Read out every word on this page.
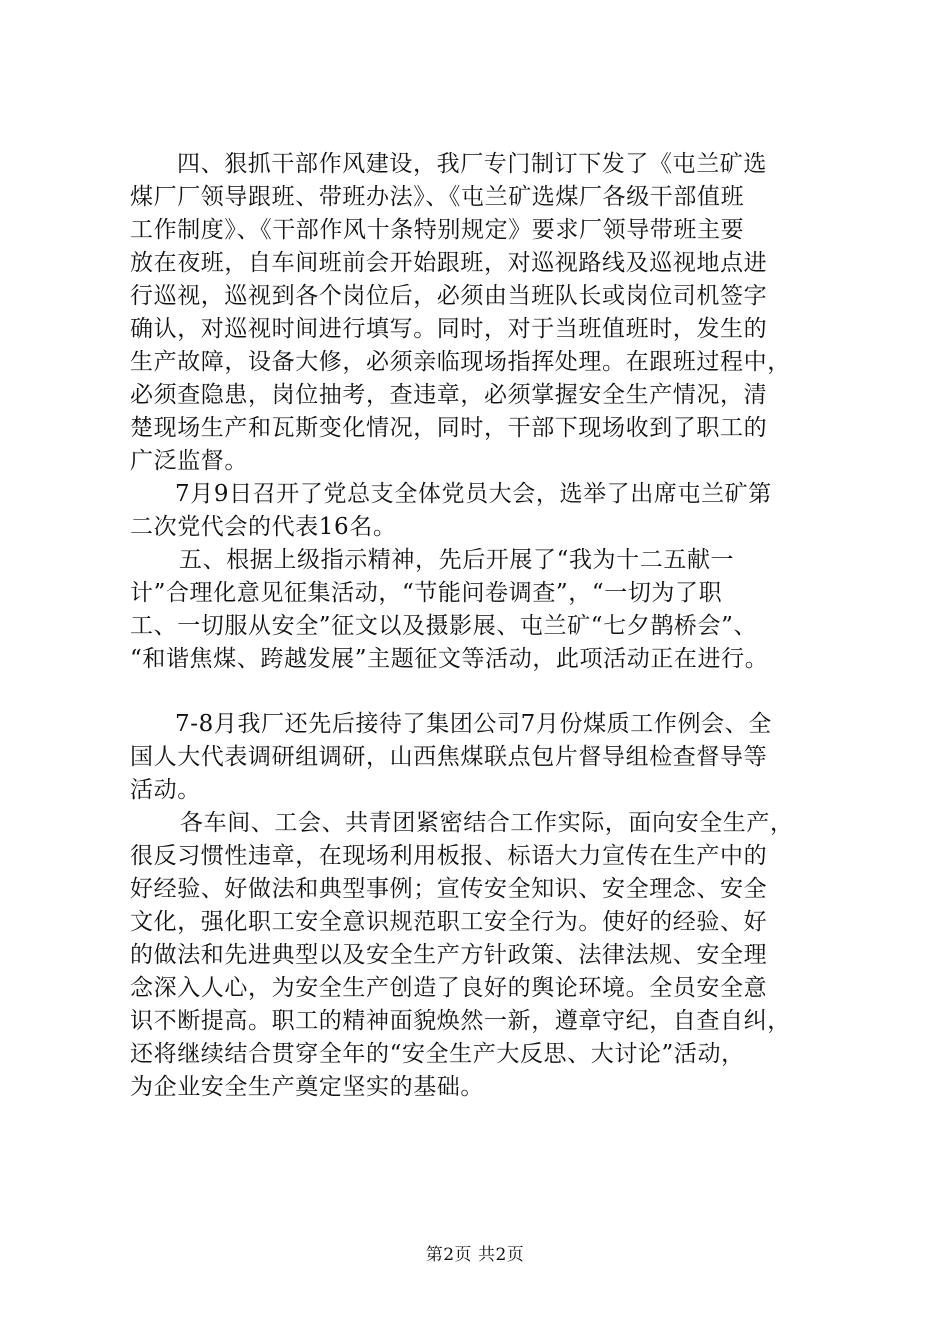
四、狠抓干部作风建设，我厂专门制订下发了《屯兰矿选
煤厂厂领导跟班、带班办法》、《屯兰矿选煤厂各级干部值班
工作制度》、《干部作风十条特别规定》要求厂领导带班主要
放在夜班，自车间班前会开始跟班，对巡视路线及巡视地点进
行巡视，巡视到各个岗位后，必须由当班队长或岗位司机签字
确认，对巡视时间进行填写。同时，对于当班值班时，发生的
生产故障，设备大修，必须亲临现场指挥处理。在跟班过程中，
必须查隐患，岗位抽考，查违章，必须掌握安全生产情况，清
楚现场生产和瓦斯变化情况，同时，干部下现场收到了职工的
广泛监督。
7月9日召开了党总支全体党员大会，选举了出席屯兰矿第
二次党代会的代表16名。
五、根据上级指示精神，先后开展了“我为十二五献一
计”合理化意见征集活动，“节能问卷调查”，“一切为了职
工、一切服从安全”征文以及摄影展、屯兰矿“七夕鹊桥会”、
“和谐焦煤、跨越发展”主题征文等活动，此项活动正在进行。
7-8月我厂还先后接待了集团公司7月份煤质工作例会、全
国人大代表调研组调研，山西焦煤联点包片督导组检查督导等
活动。
各车间、工会、共青团紧密结合工作实际，面向安全生产，
很反习惯性违章，在现场利用板报、标语大力宣传在生产中的
好经验、好做法和典型事例；宣传安全知识、安全理念、安全
文化，强化职工安全意识规范职工安全行为。使好的经验、好
的做法和先进典型以及安全生产方针政策、法律法规、安全理
念深入人心，为安全生产创造了良好的舆论环境。全员安全意
识不断提高。职工的精神面貌焕然一新，遵章守纪，自查自纠，
还将继续结合贯穿全年的“安全生产大反思、大讨论”活动，
为企业安全生产奠定坚实的基础。
第2页 共2页
